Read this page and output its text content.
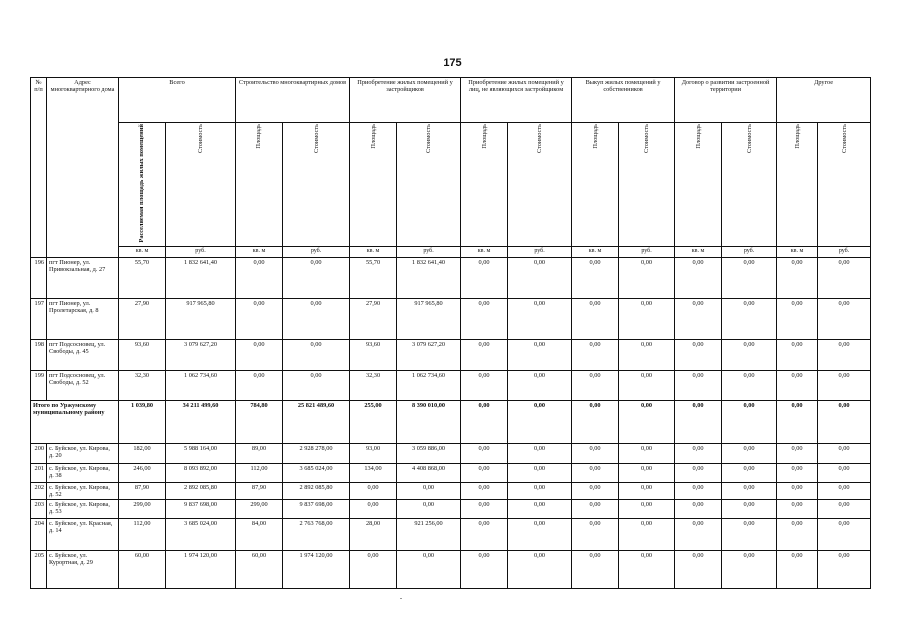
175
№ п/п	Адрес многоквартирного дома	Всего		Строительство многоквартирных домов		Приобретение жилых помещений у застройщиков		Приобретение жилых помещений у лиц, не являющихся застройщиком		Выкуп жилых помещений у собственников		Договор о развитии застроенной территории		Другое	
		Расселяемая площадь жилых помещений	Стоимость	Площадь	Стоимость	Площадь	Стоимость	Площадь	Стоимость	Площадь	Стоимость	Площадь	Стоимость	Площадь	Стоимость
		кв. м	руб.	кв. м	руб.	кв. м	руб.	кв. м	руб.	кв. м	руб.	кв. м	руб.	кв. м	руб.
196	пгт Пионер, ул. Привокзальная, д. 27	55,70	1 832 641,40	0,00	0,00	55,70	1 832 641,40	0,00	0,00	0,00	0,00	0,00	0,00	0,00	0,00
197	пгт Пионер, ул. Пролетарская, д. 8	27,90	917 965,80	0,00	0,00	27,90	917 965,80	0,00	0,00	0,00	0,00	0,00	0,00	0,00	0,00
198	пгт Подсосновец, ул. Свободы, д. 45	93,60	3 079 627,20	0,00	0,00	93,60	3 079 627,20	0,00	0,00	0,00	0,00	0,00	0,00	0,00	0,00
199	пгт Подсосновец, ул. Свободы, д. 52	32,30	1 062 734,60	0,00	0,00	32,30	1 062 734,60	0,00	0,00	0,00	0,00	0,00	0,00	0,00	0,00
Итого по Уржумскому муниципальному району		1 039,80	34 211 499,60	784,80	25 821 489,60	255,00	8 390 010,00	0,00	0,00	0,00	0,00	0,00	0,00	0,00	0,00
200	с. Буйское, ул. Кирова, д. 20	182,00	5 988 164,00	89,00	2 928 278,00	93,00	3 059 886,00	0,00	0,00	0,00	0,00	0,00	0,00	0,00	0,00
201	с. Буйское, ул. Кирова, д. 38	246,00	8 093 892,00	112,00	3 685 024,00	134,00	4 408 868,00	0,00	0,00	0,00	0,00	0,00	0,00	0,00	0,00
202	с. Буйское, ул. Кирова, д. 52	87,90	2 892 085,80	87,90	2 892 085,80	0,00	0,00	0,00	0,00	0,00	0,00	0,00	0,00	0,00	0,00
203	с. Буйское, ул. Кирова, д. 53	299,00	9 837 698,00	299,00	9 837 698,00	0,00	0,00	0,00	0,00	0,00	0,00	0,00	0,00	0,00	0,00
204	с. Буйское, ул. Красная, д. 14	112,00	3 685 024,00	84,00	2 763 768,00	28,00	921 256,00	0,00	0,00	0,00	0,00	0,00	0,00	0,00	0,00
205	с. Буйское, ул. Курортная, д. 29	60,00	1 974 120,00	60,00	1 974 120,00	0,00	0,00	0,00	0,00	0,00	0,00	0,00	0,00	0,00	0,00
